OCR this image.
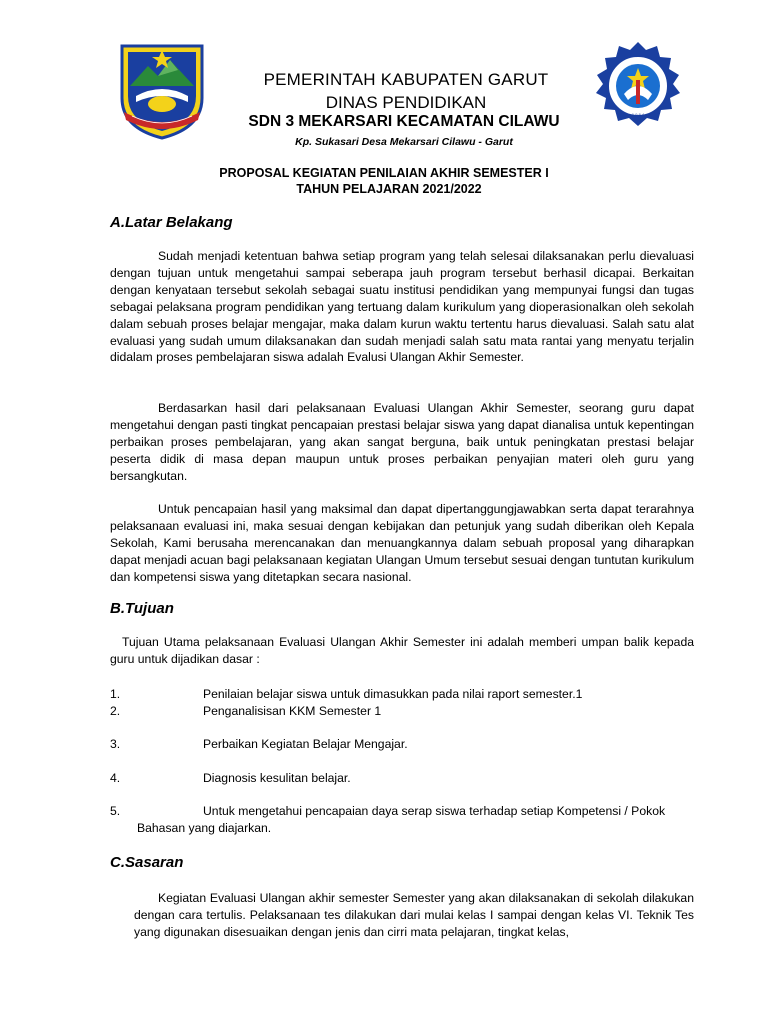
1 9 8 4
PEMERINTAH KABUPATEN GARUT
DINAS PENDIDIKAN
SDN 3 MEKARSARI KECAMATAN CILAWU
Kp. Sukasari Desa Mekarsari Cilawu - Garut
PROPOSAL KEGIATAN PENILAIAN AKHIR SEMESTER I
TAHUN PELAJARAN 2021/2022
A.Latar Belakang
Sudah menjadi ketentuan bahwa setiap program yang telah selesai dilaksanakan perlu dievaluasi dengan tujuan untuk mengetahui sampai seberapa jauh program tersebut berhasil dicapai. Berkaitan dengan kenyataan tersebut sekolah sebagai suatu institusi pendidikan yang mempunyai fungsi dan tugas sebagai pelaksana program pendidikan yang tertuang dalam kurikulum yang dioperasionalkan oleh sekolah dalam sebuah proses belajar mengajar, maka dalam kurun waktu tertentu harus dievaluasi. Salah satu alat evaluasi yang sudah umum dilaksanakan dan sudah menjadi salah satu mata rantai yang menyatu terjalin didalam proses pembelajaran siswa adalah Evalusi Ulangan Akhir Semester.
Berdasarkan hasil dari pelaksanaan Evaluasi Ulangan Akhir Semester, seorang guru dapat mengetahui dengan pasti tingkat pencapaian prestasi belajar siswa yang dapat dianalisa untuk kepentingan perbaikan proses pembelajaran, yang akan sangat berguna, baik untuk peningkatan prestasi belajar peserta didik di masa depan maupun untuk proses perbaikan penyajian materi oleh guru yang bersangkutan.
Untuk pencapaian hasil yang maksimal dan dapat dipertanggungjawabkan serta dapat terarahnya pelaksanaan evaluasi ini, maka sesuai dengan kebijakan dan petunjuk yang sudah diberikan oleh Kepala Sekolah, Kami berusaha merencanakan dan menuangkannya dalam sebuah proposal yang diharapkan dapat menjadi acuan bagi pelaksanaan kegiatan Ulangan Umum tersebut sesuai dengan tuntutan kurikulum dan kompetensi siswa yang ditetapkan secara nasional.
B.Tujuan
Tujuan Utama pelaksanaan Evaluasi Ulangan Akhir Semester ini adalah memberi umpan balik kepada guru untuk dijadikan dasar :
1.	Penilaian belajar siswa untuk dimasukkan pada nilai raport semester.1
2.	Penganalisisan KKM Semester 1
3.	Perbaikan Kegiatan Belajar Mengajar.
4.	Diagnosis kesulitan belajar.
5.	Untuk mengetahui pencapaian daya serap siswa terhadap setiap Kompetensi / Pokok
Bahasan yang diajarkan.
C.Sasaran
Kegiatan Evaluasi Ulangan akhir semester Semester yang akan dilaksanakan di sekolah dilakukan dengan cara tertulis. Pelaksanaan tes dilakukan dari mulai kelas I sampai dengan kelas VI. Teknik Tes yang digunakan disesuaikan dengan jenis dan cirri mata pelajaran, tingkat kelas,
